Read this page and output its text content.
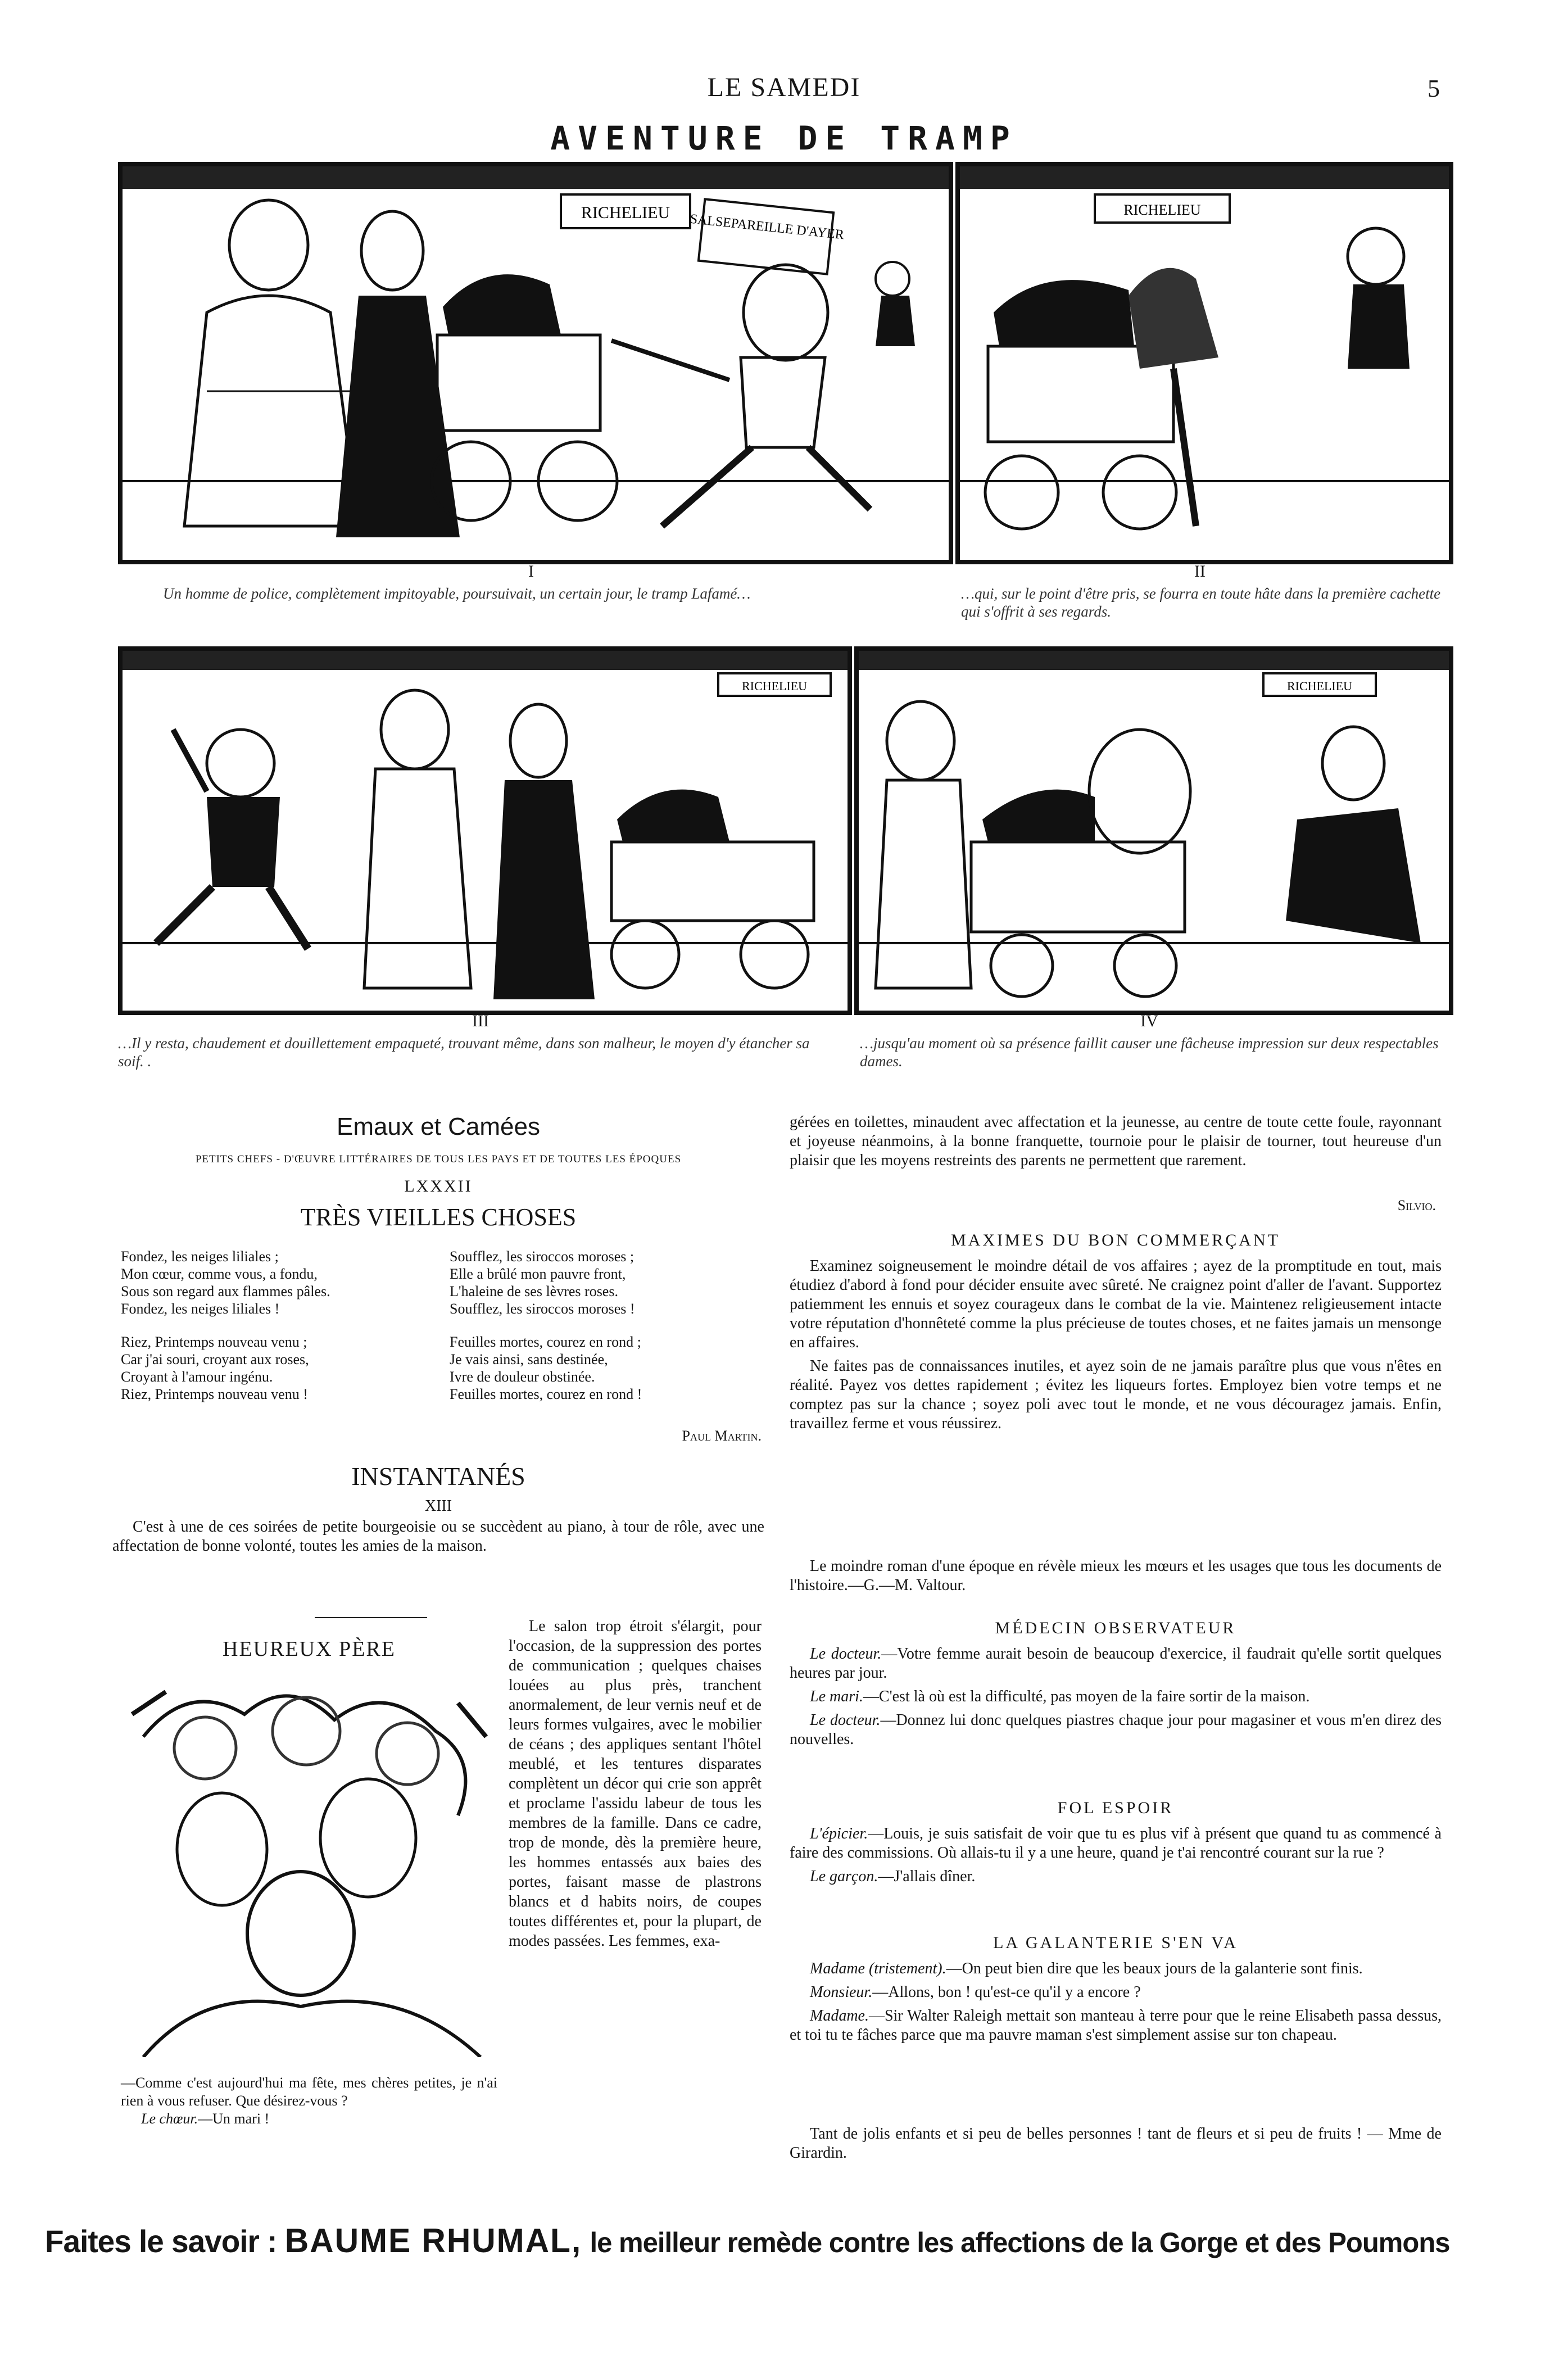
LE SAMEDI	5
AVENTURE DE TRAMP
RICHELIEU SALSEPAREILLE D'AYER
I
Un homme de police, complètement impitoyable, poursuivait, un certain jour, le tramp Lafamé…
RICHELIEU
II
…qui, sur le point d'être pris, se fourra en toute hâte dans la première cachette qui s'offrit à ses regards.
RICHELIEU
III
…Il y resta, chaudement et douillettement empaqueté, trouvant même, dans son malheur, le moyen d'y étancher sa soif. .
RICHELIEU
IV
…jusqu'au moment où sa présence faillit causer une fâcheuse impression sur deux respectables dames.
Emaux et Camées
PETITS CHEFS - D'ŒUVRE LITTÉRAIRES DE TOUS LES PAYS ET DE TOUTES LES ÉPOQUES
LXXXII
TRÈS VIEILLES CHOSES
Fondez, les neiges liliales ;
Mon cœur, comme vous, a fondu,
Sous son regard aux flammes pâles.
Fondez, les neiges liliales !
Riez, Printemps nouveau venu ;
Car j'ai souri, croyant aux roses,
Croyant à l'amour ingénu.
Riez, Printemps nouveau venu !
Soufflez, les siroccos moroses ;
Elle a brûlé mon pauvre front,
L'haleine de ses lèvres roses.
Soufflez, les siroccos moroses !
Feuilles mortes, courez en rond ;
Je vais ainsi, sans destinée,
Ivre de douleur obstinée.
Feuilles mortes, courez en rond !
Paul Martin.
INSTANTANÉS
XIII

C'est à une de ces soirées de petite bourgeoisie ou se succèdent au piano, à tour de rôle, avec une affectation de bonne volonté, toutes les amies de la maison.

HEUREUX PÈRE
—Comme c'est aujourd'hui ma fête, mes chères petites, je n'ai rien à vous refuser. Que désirez-vous ?
Le chœur.—Un mari !

Le salon trop étroit s'élargit, pour l'occasion, de la suppression des portes de communication ; quelques chaises louées au plus près, tranchent anormalement, de leur vernis neuf et de leurs formes vulgaires, avec le mobilier de céans ; des appliques sentant l'hôtel meublé, et les tentures disparates complètent un décor qui crie son apprêt et proclame l'assidu labeur de tous les membres de la famille. Dans ce cadre, trop de monde, dès la première heure, les hommes entassés aux baies des portes, faisant masse de plastrons blancs et d habits noirs, de coupes toutes différentes et, pour la plupart, de modes passées. Les femmes, exa-

gérées en toilettes, minaudent avec affectation et la jeunesse, au centre de toute cette foule, rayonnant et joyeuse néanmoins, à la bonne franquette, tournoie pour le plaisir de tourner, tout heureuse d'un plaisir que les moyens restreints des parents ne permettent que rarement.

Silvio.
MAXIMES DU BON COMMERÇANT

Examinez soigneusement le moindre détail de vos affaires ; ayez de la promptitude en tout, mais étudiez d'abord à fond pour décider ensuite avec sûreté. Ne craignez point d'aller de l'avant. Supportez patiemment les ennuis et soyez courageux dans le combat de la vie. Maintenez religieusement intacte votre réputation d'honnêteté comme la plus précieuse de toutes choses, et ne faites jamais un mensonge en affaires.

Ne faites pas de connaissances inutiles, et ayez soin de ne jamais paraître plus que vous n'êtes en réalité. Payez vos dettes rapidement ; évitez les liqueurs fortes. Employez bien votre temps et ne comptez pas sur la chance ; soyez poli avec tout le monde, et ne vous découragez jamais. Enfin, travaillez ferme et vous réussirez.

Le moindre roman d'une époque en révèle mieux les mœurs et les usages que tous les documents de l'histoire.—G.—M. Valtour.

MÉDECIN OBSERVATEUR

Le docteur.—Votre femme aurait besoin de beaucoup d'exercice, il faudrait qu'elle sortit quelques heures par jour.

Le mari.—C'est là où est la difficulté, pas moyen de la faire sortir de la maison.

Le docteur.—Donnez lui donc quelques piastres chaque jour pour magasiner et vous m'en direz des nouvelles.

FOL ESPOIR

L'épicier.—Louis, je suis satisfait de voir que tu es plus vif à présent que quand tu as commencé à faire des commissions. Où allais-tu il y a une heure, quand je t'ai rencontré courant sur la rue ?

Le garçon.—J'allais dîner.

LA GALANTERIE S'EN VA

Madame (tristement).—On peut bien dire que les beaux jours de la galanterie sont finis.

Monsieur.—Allons, bon ! qu'est-ce qu'il y a encore ?

Madame.—Sir Walter Raleigh mettait son manteau à terre pour que le reine Elisabeth passa dessus, et toi tu te fâches parce que ma pauvre maman s'est simplement assise sur ton chapeau.

Tant de jolis enfants et si peu de belles personnes ! tant de fleurs et si peu de fruits ! — Mme de Girardin.

Faites le savoir : BAUME RHUMAL, le meilleur remède contre les affections de la Gorge et des Poumons
